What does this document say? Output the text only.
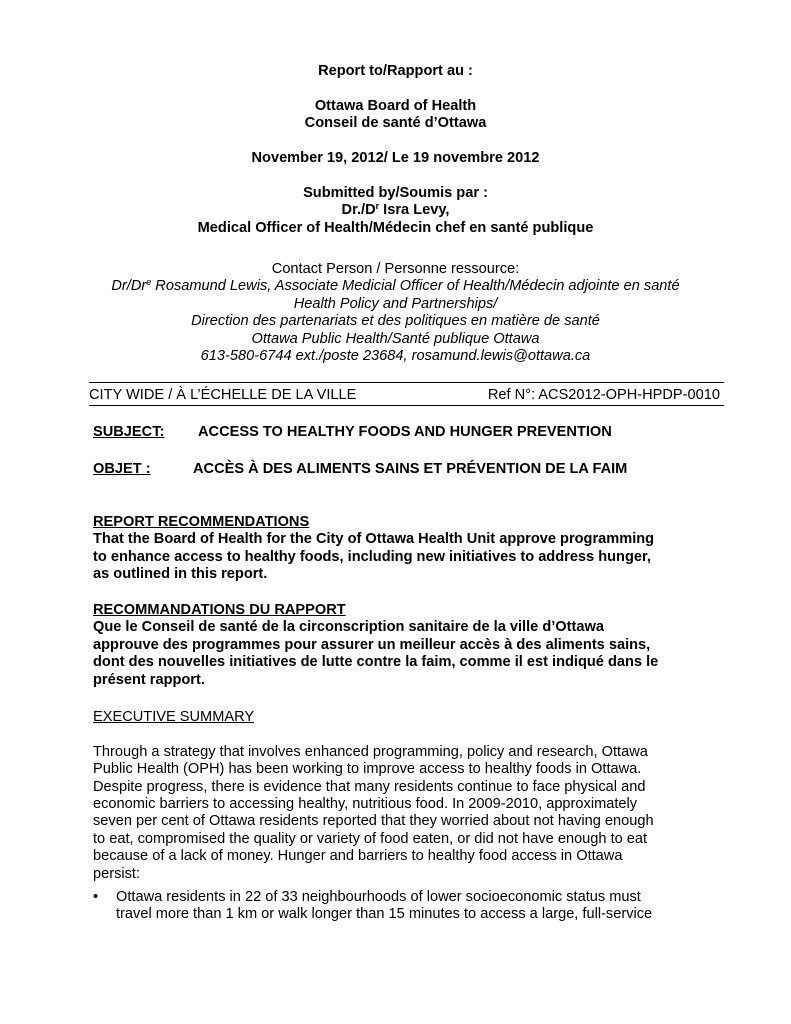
Report to/Rapport au :
Ottawa Board of Health
Conseil de santé d’Ottawa
November 19, 2012/ Le 19 novembre 2012
Submitted by/Soumis par :
$Dr./D^r$ Isra Levy,
Medical Officer of Health/Médecin chef en santé publique
Contact Person / Personne ressource:
Dr/Dr$^e$ Rosamund Lewis, Associate Medicial Officer of Health/Médecin adjointe en santé
Health Policy and Partnerships/
Direction des partenariats et des politiques en matière de santé
Ottawa Public Health/Santé publique Ottawa
613-580-6744 ext./poste 23684, rosamund.lewis@ottawa.ca
CITY WIDE / À L’ÉCHELLE DE LA VILLE	Ref N°: ACS2012-OPH-HPDP-0010
SUBJECT: ACCESS TO HEALTHY FOODS AND HUNGER PREVENTION
OBJET :	ACCÈS À DES ALIMENTS SAINS ET PRÉVENTION DE LA FAIM
REPORT RECOMMENDATIONS
That the Board of Health for the City of Ottawa Health Unit approve programming
to enhance access to healthy foods, including new initiatives to address hunger,
as outlined in this report.
RECOMMANDATIONS DU RAPPORT
Que le Conseil de santé de la circonscription sanitaire de la ville d’Ottawa
approuve des programmes pour assurer un meilleur accès à des aliments sains,
dont des nouvelles initiatives de lutte contre la faim, comme il est indiqué dans le
présent rapport.
EXECUTIVE SUMMARY
Through a strategy that involves enhanced programming, policy and research, Ottawa
Public Health (OPH) has been working to improve access to healthy foods in Ottawa.
Despite progress, there is evidence that many residents continue to face physical and
economic barriers to accessing healthy, nutritious food. In 2009-2010, approximately
seven per cent of Ottawa residents reported that they worried about not having enough
to eat, compromised the quality or variety of food eaten, or did not have enough to eat
because of a lack of money. Hunger and barriers to healthy food access in Ottawa
persist:
• Ottawa residents in 22 of 33 neighbourhoods of lower socioeconomic status must
travel more than 1 km or walk longer than 15 minutes to access a large, full-service
